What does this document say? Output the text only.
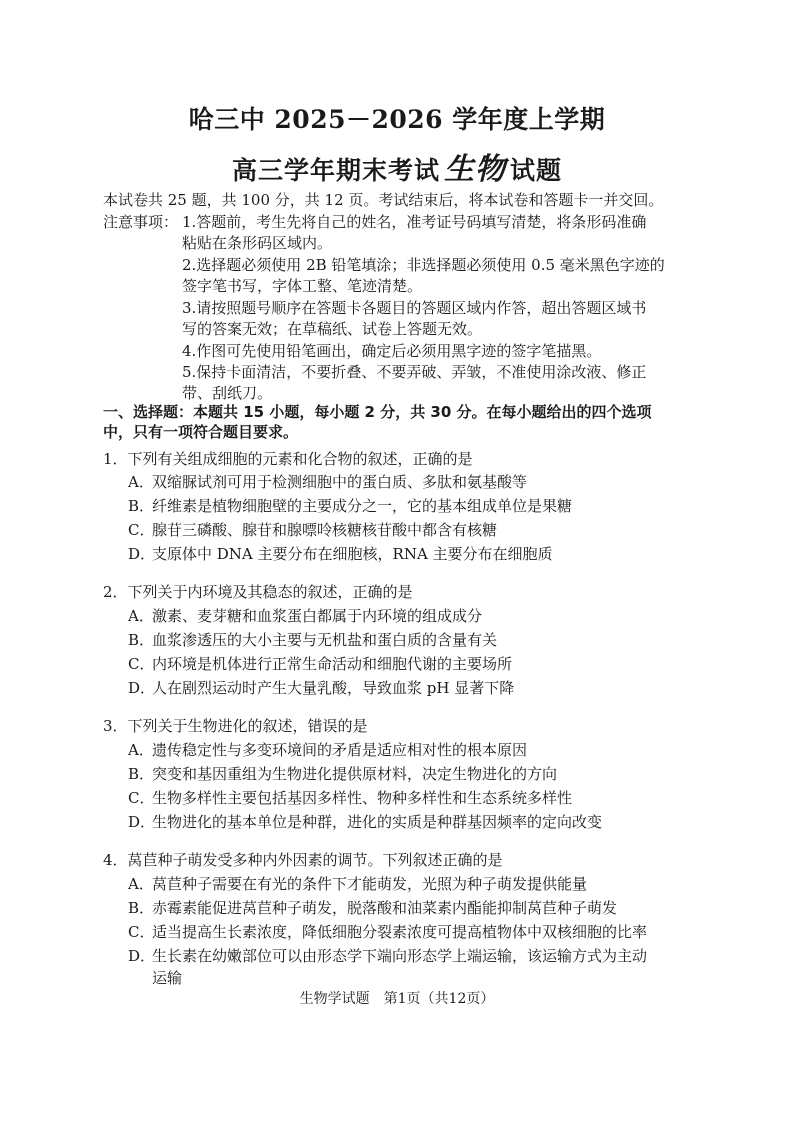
哈三中 2025－2026 学年度上学期
高三学年期末考试 生物 试题
本试卷共 25 题，共 100 分，共 12 页。考试结束后，将本试卷和答题卡一并交回。
注意事项： 1.答题前，考生先将自己的姓名，准考证号码填写清楚，将条形码准确
粘贴在条形码区域内。
2.选择题必须使用 2B 铅笔填涂；非选择题必须使用 0.5 毫米黑色字迹的
签字笔书写，字体工整、笔迹清楚。
3.请按照题号顺序在答题卡各题目的答题区域内作答，超出答题区域书
写的答案无效；在草稿纸、试卷上答题无效。
4.作图可先使用铅笔画出，确定后必须用黑字迹的签字笔描黑。
5.保持卡面清洁，不要折叠、不要弄破、弄皱，不准使用涂改液、修正
带、刮纸刀。
一、选择题：本题共 15 小题，每小题 2 分，共 30 分。在每小题给出的四个选项
中，只有一项符合题目要求。
1．下列有关组成细胞的元素和化合物的叙述，正确的是
A．双缩脲试剂可用于检测细胞中的蛋白质、多肽和氨基酸等
B．纤维素是植物细胞壁的主要成分之一，它的基本组成单位是果糖
C．腺苷三磷酸、腺苷和腺嘌呤核糖核苷酸中都含有核糖
D．支原体中 DNA 主要分布在细胞核，RNA 主要分布在细胞质
2．下列关于内环境及其稳态的叙述，正确的是
A．激素、麦芽糖和血浆蛋白都属于内环境的组成成分
B．血浆渗透压的大小主要与无机盐和蛋白质的含量有关
C．内环境是机体进行正常生命活动和细胞代谢的主要场所
D．人在剧烈运动时产生大量乳酸，导致血浆 pH 显著下降
3．下列关于生物进化的叙述，错误的是
A．遗传稳定性与多变环境间的矛盾是适应相对性的根本原因
B．突变和基因重组为生物进化提供原材料，决定生物进化的方向
C．生物多样性主要包括基因多样性、物种多样性和生态系统多样性
D．生物进化的基本单位是种群，进化的实质是种群基因频率的定向改变
4．莴苣种子萌发受多种内外因素的调节。下列叙述正确的是
A．莴苣种子需要在有光的条件下才能萌发，光照为种子萌发提供能量
B．赤霉素能促进莴苣种子萌发，脱落酸和油菜素内酯能抑制莴苣种子萌发
C．适当提高生长素浓度，降低细胞分裂素浓度可提高植物体中双核细胞的比率
D．生长素在幼嫩部位可以由形态学下端向形态学上端运输，该运输方式为主动
运输
生物学试题　第1页（共12页）
